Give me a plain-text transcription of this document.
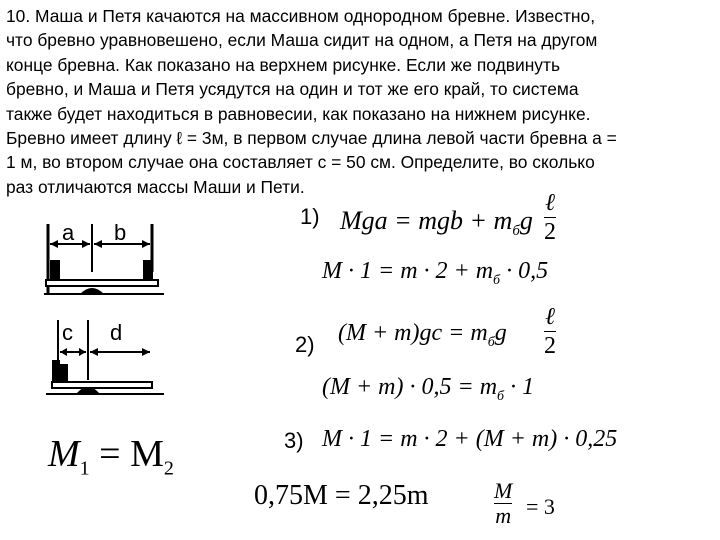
10. Маша и Петя качаются на массивном однородном бревне. Известно,
что бревно уравновешено, если Маша сидит на одном, а Петя на другом
конце бревна. Как показано на верхнем рисунке. Если же подвинуть
бревно, и Маша и Петя усядутся на один и тот же его край, то система
также будет находиться в равновесии, как показано на нижнем рисунке.
Бревно имеет длину ℓ = 3м, в первом случае длина левой части бревна a =
1 м, во втором случае она составляет c = 50 см. Определите, во сколько
раз отличаются массы Маши и Пети.
a b
c d
$M_1 = M_2$
1) Mga = mgb + $m_бg$
ℓ
2
$M \cdot 1 = m \cdot 2 + m_б \cdot 0,5$
2) $(M + m)gc = m_бg$
ℓ
2
$(M + m) \cdot 0,5 = m_б \cdot 1$
3) M · 1 = m · 2 + (M + m) · 0,25
0,75M = 2,25m	M
m = 3
